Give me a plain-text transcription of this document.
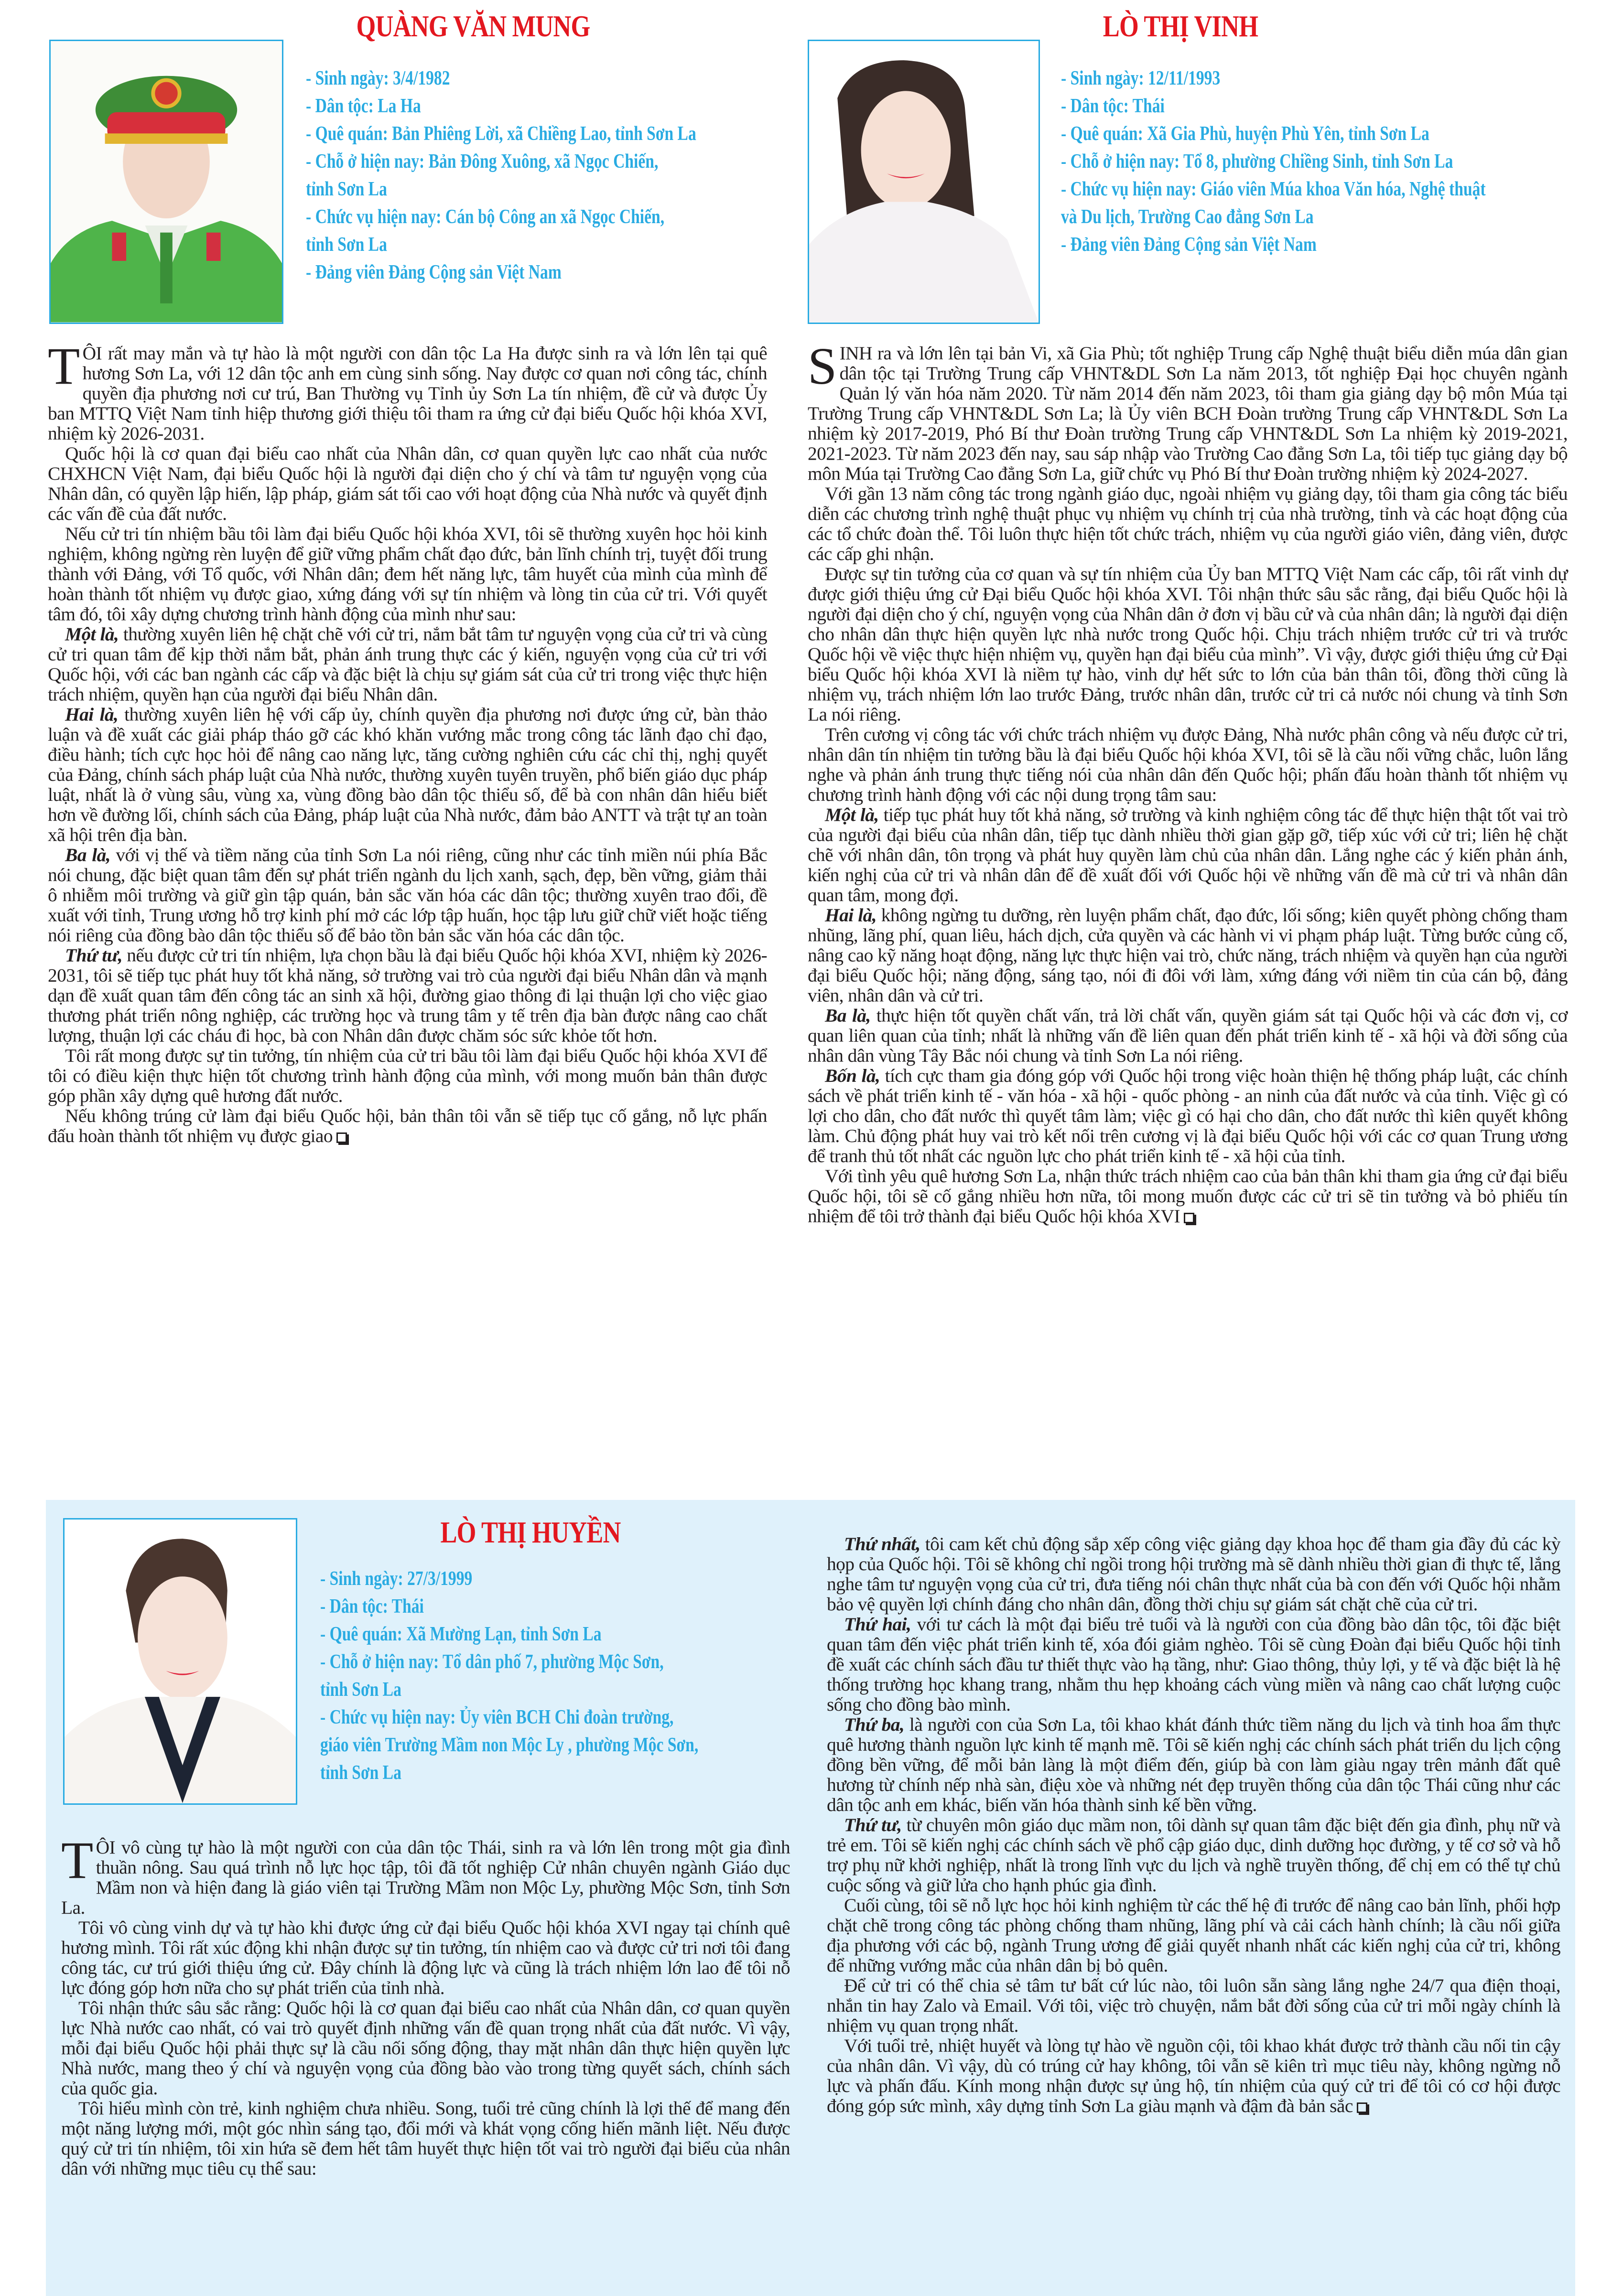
QUÀNG VĂN MUNG
- Sinh ngày: 3/4/1982
- Dân tộc: La Ha
- Quê quán: Bản Phiêng Lời, xã Chiềng Lao, tỉnh Sơn La
- Chỗ ở hiện nay: Bản Đông Xuông, xã Ngọc Chiến,
tỉnh Sơn La
- Chức vụ hiện nay: Cán bộ Công an xã Ngọc Chiến,
tỉnh Sơn La
- Đảng viên Đảng Cộng sản Việt Nam

TÔI rất may mắn và tự hào là một người con dân tộc La Ha được sinh ra và lớn lên tại quê hương Sơn La, với 12 dân tộc anh em cùng sinh sống. Nay được cơ quan nơi công tác, chính quyền địa phương nơi cư trú, Ban Thường vụ Tỉnh ủy Sơn La tín nhiệm, đề cử và được Ủy ban MTTQ Việt Nam tỉnh hiệp thương giới thiệu tôi tham ra ứng cử đại biểu Quốc hội khóa XVI, nhiệm kỳ 2026-2031.

Quốc hội là cơ quan đại biểu cao nhất của Nhân dân, cơ quan quyền lực cao nhất của nước CHXHCN Việt Nam, đại biểu Quốc hội là người đại diện cho ý chí và tâm tư nguyện vọng của Nhân dân, có quyền lập hiến, lập pháp, giám sát tối cao với hoạt động của Nhà nước và quyết định các vấn đề của đất nước.

Nếu cử tri tín nhiệm bầu tôi làm đại biểu Quốc hội khóa XVI, tôi sẽ thường xuyên học hỏi kinh nghiệm, không ngừng rèn luyện để giữ vững phẩm chất đạo đức, bản lĩnh chính trị, tuyệt đối trung thành với Đảng, với Tổ quốc, với Nhân dân; đem hết năng lực, tâm huyết của mình của mình để hoàn thành tốt nhiệm vụ được giao, xứng đáng với sự tín nhiệm và lòng tin của cử tri. Với quyết tâm đó, tôi xây dựng chương trình hành động của mình như sau:

Một là, thường xuyên liên hệ chặt chẽ với cử tri, nắm bắt tâm tư nguyện vọng của cử tri và cùng cử tri quan tâm để kịp thời nắm bắt, phản ánh trung thực các ý kiến, nguyện vọng của cử tri với Quốc hội, với các ban ngành các cấp và đặc biệt là chịu sự giám sát của cử tri trong việc thực hiện trách nhiệm, quyền hạn của người đại biểu Nhân dân.

Hai là, thường xuyên liên hệ với cấp ủy, chính quyền địa phương nơi được ứng cử, bàn thảo luận và đề xuất các giải pháp tháo gỡ các khó khăn vướng mắc trong công tác lãnh đạo chỉ đạo, điều hành; tích cực học hỏi để nâng cao năng lực, tăng cường nghiên cứu các chỉ thị, nghị quyết của Đảng, chính sách pháp luật của Nhà nước, thường xuyên tuyên truyền, phổ biến giáo dục pháp luật, nhất là ở vùng sâu, vùng xa, vùng đồng bào dân tộc thiểu số, để bà con nhân dân hiểu biết hơn về đường lối, chính sách của Đảng, pháp luật của Nhà nước, đảm bảo ANTT và trật tự an toàn xã hội trên địa bàn.

Ba là, với vị thế và tiềm năng của tỉnh Sơn La nói riêng, cũng như các tỉnh miền núi phía Bắc nói chung, đặc biệt quan tâm đến sự phát triển ngành du lịch xanh, sạch, đẹp, bền vững, giảm thải ô nhiễm môi trường và giữ gìn tập quán, bản sắc văn hóa các dân tộc; thường xuyên trao đổi, đề xuất với tỉnh, Trung ương hỗ trợ kinh phí mở các lớp tập huấn, học tập lưu giữ chữ viết hoặc tiếng nói riêng của đồng bào dân tộc thiểu số để bảo tồn bản sắc văn hóa các dân tộc.

Thứ tư, nếu được cử tri tín nhiệm, lựa chọn bầu là đại biểu Quốc hội khóa XVI, nhiệm kỳ 2026-2031, tôi sẽ tiếp tục phát huy tốt khả năng, sở trường vai trò của người đại biểu Nhân dân và mạnh dạn đề xuất quan tâm đến công tác an sinh xã hội, đường giao thông đi lại thuận lợi cho việc giao thương phát triển nông nghiệp, các trường học và trung tâm y tế trên địa bàn được nâng cao chất lượng, thuận lợi các cháu đi học, bà con Nhân dân được chăm sóc sức khỏe tốt hơn.

Tôi rất mong được sự tin tưởng, tín nhiệm của cử tri bầu tôi làm đại biểu Quốc hội khóa XVI để tôi có điều kiện thực hiện tốt chương trình hành động của mình, với mong muốn bản thân được góp phần xây dựng quê hương đất nước.

Nếu không trúng cử làm đại biểu Quốc hội, bản thân tôi vẫn sẽ tiếp tục cố gắng, nỗ lực phấn đấu hoàn thành tốt nhiệm vụ được giao

LÒ THỊ VINH
- Sinh ngày: 12/11/1993
- Dân tộc: Thái
- Quê quán: Xã Gia Phù, huyện Phù Yên, tỉnh Sơn La
- Chỗ ở hiện nay: Tổ 8, phường Chiềng Sinh, tỉnh Sơn La
- Chức vụ hiện nay: Giáo viên Múa khoa Văn hóa, Nghệ thuật
và Du lịch, Trường Cao đẳng Sơn La
- Đảng viên Đảng Cộng sản Việt Nam

SINH ra và lớn lên tại bản Vi, xã Gia Phù; tốt nghiệp Trung cấp Nghệ thuật biểu diễn múa dân gian dân tộc tại Trường Trung cấp VHNT&DL Sơn La năm 2013, tốt nghiệp Đại học chuyên ngành Quản lý văn hóa năm 2020. Từ năm 2014 đến năm 2023, tôi tham gia giảng dạy bộ môn Múa tại Trường Trung cấp VHNT&DL Sơn La; là Ủy viên BCH Đoàn trường Trung cấp VHNT&DL Sơn La nhiệm kỳ 2017-2019, Phó Bí thư Đoàn trường Trung cấp VHNT&DL Sơn La nhiệm kỳ 2019-2021, 2021-2023. Từ năm 2023 đến nay, sau sáp nhập vào Trường Cao đẳng Sơn La, tôi tiếp tục giảng dạy bộ môn Múa tại Trường Cao đẳng Sơn La, giữ chức vụ Phó Bí thư Đoàn trường nhiệm kỳ 2024-2027.

Với gần 13 năm công tác trong ngành giáo dục, ngoài nhiệm vụ giảng dạy, tôi tham gia công tác biểu diễn các chương trình nghệ thuật phục vụ nhiệm vụ chính trị của nhà trường, tỉnh và các hoạt động của các tổ chức đoàn thể. Tôi luôn thực hiện tốt chức trách, nhiệm vụ của người giáo viên, đảng viên, được các cấp ghi nhận.

Được sự tin tưởng của cơ quan và sự tín nhiệm của Ủy ban MTTQ Việt Nam các cấp, tôi rất vinh dự được giới thiệu ứng cử Đại biểu Quốc hội khóa XVI. Tôi nhận thức sâu sắc rằng, đại biểu Quốc hội là người đại diện cho ý chí, nguyện vọng của Nhân dân ở đơn vị bầu cử và của nhân dân; là người đại diện cho nhân dân thực hiện quyền lực nhà nước trong Quốc hội. Chịu trách nhiệm trước cử tri và trước Quốc hội về việc thực hiện nhiệm vụ, quyền hạn đại biểu của mình”. Vì vậy, được giới thiệu ứng cử Đại biểu Quốc hội khóa XVI là niềm tự hào, vinh dự hết sức to lớn của bản thân tôi, đồng thời cũng là nhiệm vụ, trách nhiệm lớn lao trước Đảng, trước nhân dân, trước cử tri cả nước nói chung và tỉnh Sơn La nói riêng.

Trên cương vị công tác với chức trách nhiệm vụ được Đảng, Nhà nước phân công và nếu được cử tri, nhân dân tín nhiệm tin tưởng bầu là đại biểu Quốc hội khóa XVI, tôi sẽ là cầu nối vững chắc, luôn lắng nghe và phản ánh trung thực tiếng nói của nhân dân đến Quốc hội; phấn đấu hoàn thành tốt nhiệm vụ chương trình hành động với các nội dung trọng tâm sau:

Một là, tiếp tục phát huy tốt khả năng, sở trường và kinh nghiệm công tác để thực hiện thật tốt vai trò của người đại biểu của nhân dân, tiếp tục dành nhiều thời gian gặp gỡ, tiếp xúc với cử tri; liên hệ chặt chẽ với nhân dân, tôn trọng và phát huy quyền làm chủ của nhân dân. Lắng nghe các ý kiến phản ánh, kiến nghị của cử tri và nhân dân để đề xuất đối với Quốc hội về những vấn đề mà cử tri và nhân dân quan tâm, mong đợi.

Hai là, không ngừng tu dưỡng, rèn luyện phẩm chất, đạo đức, lối sống; kiên quyết phòng chống tham nhũng, lãng phí, quan liêu, hách dịch, cửa quyền và các hành vi vi phạm pháp luật. Từng bước củng cố, nâng cao kỹ năng hoạt động, năng lực thực hiện vai trò, chức năng, trách nhiệm và quyền hạn của người đại biểu Quốc hội; năng động, sáng tạo, nói đi đôi với làm, xứng đáng với niềm tin của cán bộ, đảng viên, nhân dân và cử tri.

Ba là, thực hiện tốt quyền chất vấn, trả lời chất vấn, quyền giám sát tại Quốc hội và các đơn vị, cơ quan liên quan của tỉnh; nhất là những vấn đề liên quan đến phát triển kinh tế - xã hội và đời sống của nhân dân vùng Tây Bắc nói chung và tỉnh Sơn La nói riêng.

Bốn là, tích cực tham gia đóng góp với Quốc hội trong việc hoàn thiện hệ thống pháp luật, các chính sách về phát triển kinh tế - văn hóa - xã hội - quốc phòng - an ninh của đất nước và của tỉnh. Việc gì có lợi cho dân, cho đất nước thì quyết tâm làm; việc gì có hại cho dân, cho đất nước thì kiên quyết không làm. Chủ động phát huy vai trò kết nối trên cương vị là đại biểu Quốc hội với các cơ quan Trung ương để tranh thủ tốt nhất các nguồn lực cho phát triển kinh tế - xã hội của tỉnh.

Với tình yêu quê hương Sơn La, nhận thức trách nhiệm cao của bản thân khi tham gia ứng cử đại biểu Quốc hội, tôi sẽ cố gắng nhiều hơn nữa, tôi mong muốn được các cử tri sẽ tin tưởng và bỏ phiếu tín nhiệm để tôi trở thành đại biểu Quốc hội khóa XVI

LÒ THỊ HUYỀN
- Sinh ngày: 27/3/1999
- Dân tộc: Thái
- Quê quán: Xã Mường Lạn, tỉnh Sơn La
- Chỗ ở hiện nay: Tổ dân phố 7, phường Mộc Sơn,
tỉnh Sơn La
- Chức vụ hiện nay: Ủy viên BCH Chi đoàn trường,
giáo viên Trường Mầm non Mộc Ly , phường Mộc Sơn,
tỉnh Sơn La

TÔI vô cùng tự hào là một người con của dân tộc Thái, sinh ra và lớn lên trong một gia đình thuần nông. Sau quá trình nỗ lực học tập, tôi đã tốt nghiệp Cử nhân chuyên ngành Giáo dục Mầm non và hiện đang là giáo viên tại Trường Mầm non Mộc Ly, phường Mộc Sơn, tỉnh Sơn La.

Tôi vô cùng vinh dự và tự hào khi được ứng cử đại biểu Quốc hội khóa XVI ngay tại chính quê hương mình. Tôi rất xúc động khi nhận được sự tin tưởng, tín nhiệm cao và được cử tri nơi tôi đang công tác, cư trú giới thiệu ứng cử. Đây chính là động lực và cũng là trách nhiệm lớn lao để tôi nỗ lực đóng góp hơn nữa cho sự phát triển của tỉnh nhà.

Tôi nhận thức sâu sắc rằng: Quốc hội là cơ quan đại biểu cao nhất của Nhân dân, cơ quan quyền lực Nhà nước cao nhất, có vai trò quyết định những vấn đề quan trọng nhất của đất nước. Vì vậy, mỗi đại biểu Quốc hội phải thực sự là cầu nối sống động, thay mặt nhân dân thực hiện quyền lực Nhà nước, mang theo ý chí và nguyện vọng của đồng bào vào trong từng quyết sách, chính sách của quốc gia.

Tôi hiểu mình còn trẻ, kinh nghiệm chưa nhiều. Song, tuổi trẻ cũng chính là lợi thế để mang đến một năng lượng mới, một góc nhìn sáng tạo, đổi mới và khát vọng cống hiến mãnh liệt. Nếu được quý cử tri tín nhiệm, tôi xin hứa sẽ đem hết tâm huyết thực hiện tốt vai trò người đại biểu của nhân dân với những mục tiêu cụ thể sau:

Thứ nhất, tôi cam kết chủ động sắp xếp công việc giảng dạy khoa học để tham gia đầy đủ các kỳ họp của Quốc hội. Tôi sẽ không chỉ ngồi trong hội trường mà sẽ dành nhiều thời gian đi thực tế, lắng nghe tâm tư nguyện vọng của cử tri, đưa tiếng nói chân thực nhất của bà con đến với Quốc hội nhằm bảo vệ quyền lợi chính đáng cho nhân dân, đồng thời chịu sự giám sát chặt chẽ của cử tri.

Thứ hai, với tư cách là một đại biểu trẻ tuổi và là người con của đồng bào dân tộc, tôi đặc biệt quan tâm đến việc phát triển kinh tế, xóa đói giảm nghèo. Tôi sẽ cùng Đoàn đại biểu Quốc hội tỉnh đề xuất các chính sách đầu tư thiết thực vào hạ tầng, như: Giao thông, thủy lợi, y tế và đặc biệt là hệ thống trường học khang trang, nhằm thu hẹp khoảng cách vùng miền và nâng cao chất lượng cuộc sống cho đồng bào mình.

Thứ ba, là người con của Sơn La, tôi khao khát đánh thức tiềm năng du lịch và tinh hoa ẩm thực quê hương thành nguồn lực kinh tế mạnh mẽ. Tôi sẽ kiến nghị các chính sách phát triển du lịch cộng đồng bền vững, để mỗi bản làng là một điểm đến, giúp bà con làm giàu ngay trên mảnh đất quê hương từ chính nếp nhà sàn, điệu xòe và những nét đẹp truyền thống của dân tộc Thái cũng như các dân tộc anh em khác, biến văn hóa thành sinh kế bền vững.

Thứ tư, từ chuyên môn giáo dục mầm non, tôi dành sự quan tâm đặc biệt đến gia đình, phụ nữ và trẻ em. Tôi sẽ kiến nghị các chính sách về phổ cập giáo dục, dinh dưỡng học đường, y tế cơ sở và hỗ trợ phụ nữ khởi nghiệp, nhất là trong lĩnh vực du lịch và nghề truyền thống, để chị em có thể tự chủ cuộc sống và giữ lửa cho hạnh phúc gia đình.

Cuối cùng, tôi sẽ nỗ lực học hỏi kinh nghiệm từ các thế hệ đi trước để nâng cao bản lĩnh, phối hợp chặt chẽ trong công tác phòng chống tham nhũng, lãng phí và cải cách hành chính; là cầu nối giữa địa phương với các bộ, ngành Trung ương để giải quyết nhanh nhất các kiến nghị của cử tri, không để những vướng mắc của nhân dân bị bỏ quên.

Để cử tri có thể chia sẻ tâm tư bất cứ lúc nào, tôi luôn sẵn sàng lắng nghe 24/7 qua điện thoại, nhắn tin hay Zalo và Email. Với tôi, việc trò chuyện, nắm bắt đời sống của cử tri mỗi ngày chính là nhiệm vụ quan trọng nhất.

Với tuổi trẻ, nhiệt huyết và lòng tự hào về nguồn cội, tôi khao khát được trở thành cầu nối tin cậy của nhân dân. Vì vậy, dù có trúng cử hay không, tôi vẫn sẽ kiên trì mục tiêu này, không ngừng nỗ lực và phấn đấu. Kính mong nhận được sự ủng hộ, tín nhiệm của quý cử tri để tôi có cơ hội được đóng góp sức mình, xây dựng tỉnh Sơn La giàu mạnh và đậm đà bản sắc
